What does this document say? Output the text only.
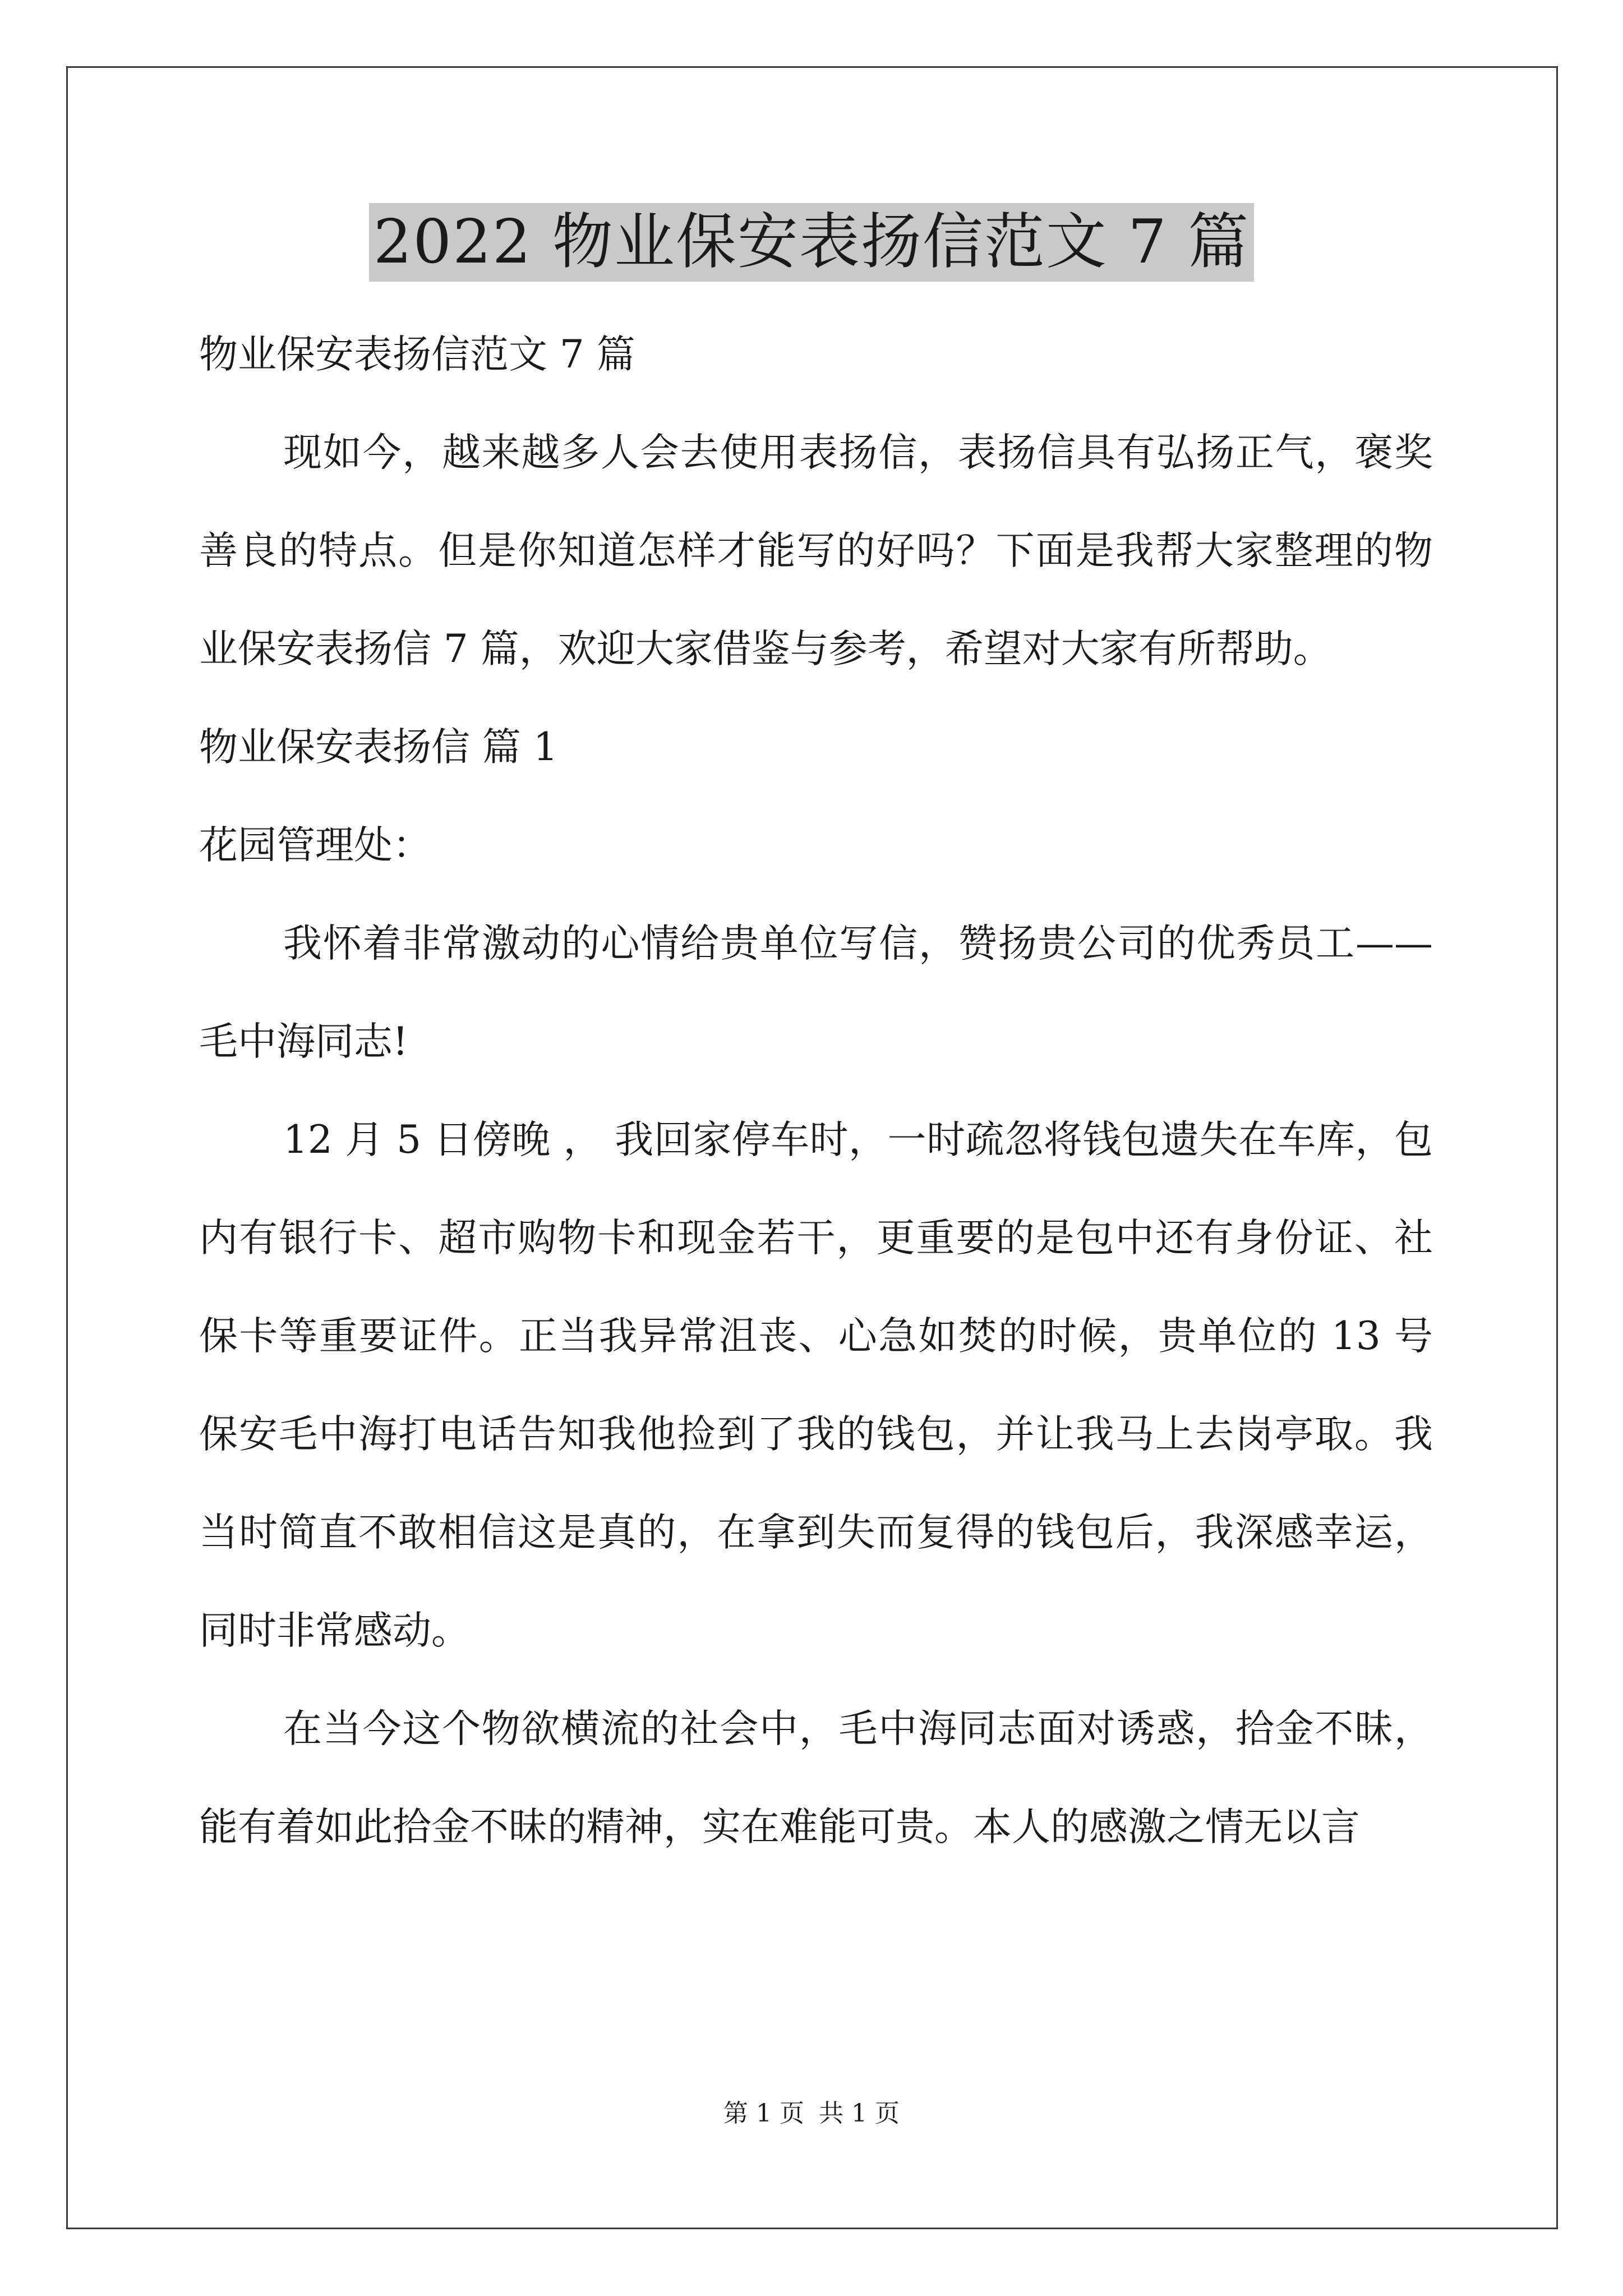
2022 物业保安表扬信范文 7 篇

物业保安表扬信范文 7 篇

现如今，越来越多人会去使用表扬信，表扬信具有弘扬正气，褒奖善良的特点。但是你知道怎样才能写的好吗？下面是我帮大家整理的物业保安表扬信 7 篇，欢迎大家借鉴与参考，希望对大家有所帮助。

物业保安表扬信 篇 1

花园管理处：

我怀着非常激动的心情给贵单位写信，赞扬贵公司的优秀员工——毛中海同志!

12 月 5 日傍晚 ， 我回家停车时，一时疏忽将钱包遗失在车库，包内有银行卡、超市购物卡和现金若干，更重要的是包中还有身份证、社保卡等重要证件。正当我异常沮丧、心急如焚的时候，贵单位的 13 号保安毛中海打电话告知我他捡到了我的钱包，并让我马上去岗亭取。我当时简直不敢相信这是真的，在拿到失而复得的钱包后，我深感幸运，同时非常感动。

在当今这个物欲横流的社会中，毛中海同志面对诱惑，拾金不昧，能有着如此拾金不昧的精神，实在难能可贵。本人的感激之情无以言

第 1 页 共 1 页
